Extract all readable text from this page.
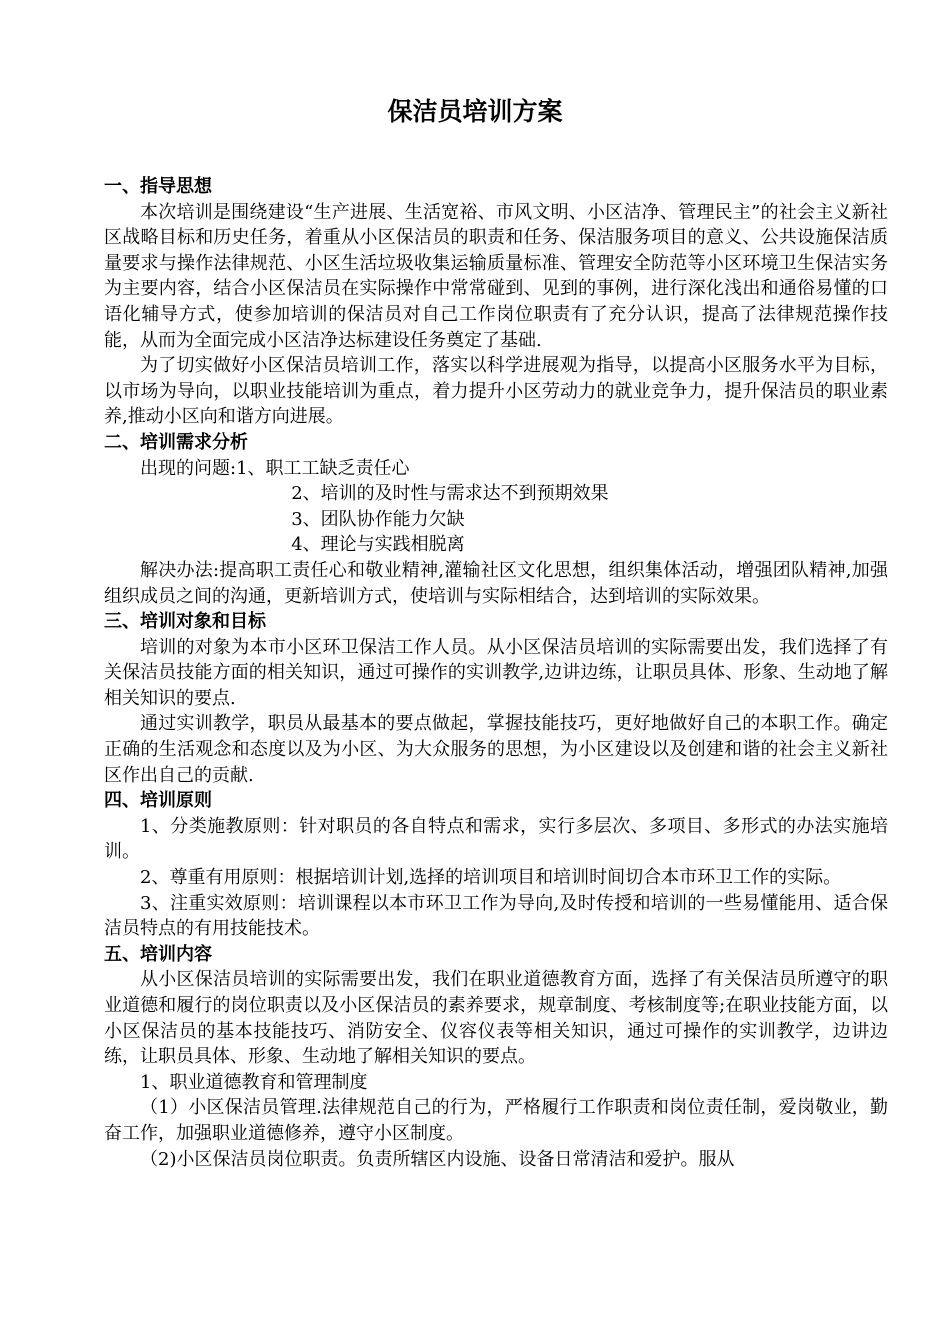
保洁员培训方案
一、指导思想
本次培训是围绕建设“生产进展、生活宽裕、市风文明、小区洁净、管理民主”的社会主义新社区战略目标和历史任务，着重从小区保洁员的职责和任务、保洁服务项目的意义、公共设施保洁质量要求与操作法律规范、小区生活垃圾收集运输质量标准、管理安全防范等小区环境卫生保洁实务为主要内容，结合小区保洁员在实际操作中常常碰到、见到的事例，进行深化浅出和通俗易懂的口语化辅导方式，使参加培训的保洁员对自己工作岗位职责有了充分认识，提高了法律规范操作技能，从而为全面完成小区洁净达标建设任务奠定了基础.
为了切实做好小区保洁员培训工作，落实以科学进展观为指导，以提高小区服务水平为目标，以市场为导向，以职业技能培训为重点，着力提升小区劳动力的就业竞争力，提升保洁员的职业素养,推动小区向和谐方向进展。
二、培训需求分析
出现的问题:1、职工工缺乏责任心
2、培训的及时性与需求达不到预期效果
3、团队协作能力欠缺
4、理论与实践相脱离
解决办法:提高职工责任心和敬业精神,灌输社区文化思想，组织集体活动，增强团队精神,加强组织成员之间的沟通，更新培训方式，使培训与实际相结合，达到培训的实际效果。
三、培训对象和目标
培训的对象为本市小区环卫保洁工作人员。从小区保洁员培训的实际需要出发，我们选择了有关保洁员技能方面的相关知识，通过可操作的实训教学,边讲边练，让职员具体、形象、生动地了解相关知识的要点.
通过实训教学，职员从最基本的要点做起，掌握技能技巧，更好地做好自己的本职工作。确定正确的生活观念和态度以及为小区、为大众服务的思想，为小区建设以及创建和谐的社会主义新社区作出自己的贡献.
四、培训原则
1、分类施教原则：针对职员的各自特点和需求，实行多层次、多项目、多形式的办法实施培训。
2、尊重有用原则：根据培训计划,选择的培训项目和培训时间切合本市环卫工作的实际。
3、注重实效原则：培训课程以本市环卫工作为导向,及时传授和培训的一些易懂能用、适合保洁员特点的有用技能技术。
五、培训内容
从小区保洁员培训的实际需要出发，我们在职业道德教育方面，选择了有关保洁员所遵守的职业道德和履行的岗位职责以及小区保洁员的素养要求，规章制度、考核制度等;在职业技能方面，以小区保洁员的基本技能技巧、消防安全、仪容仪表等相关知识，通过可操作的实训教学，边讲边练，让职员具体、形象、生动地了解相关知识的要点。
1、职业道德教育和管理制度
（1）小区保洁员管理.法律规范自己的行为，严格履行工作职责和岗位责任制，爱岗敬业，勤奋工作，加强职业道德修养，遵守小区制度。
（2)小区保洁员岗位职责。负责所辖区内设施、设备日常清洁和爱护。服从
